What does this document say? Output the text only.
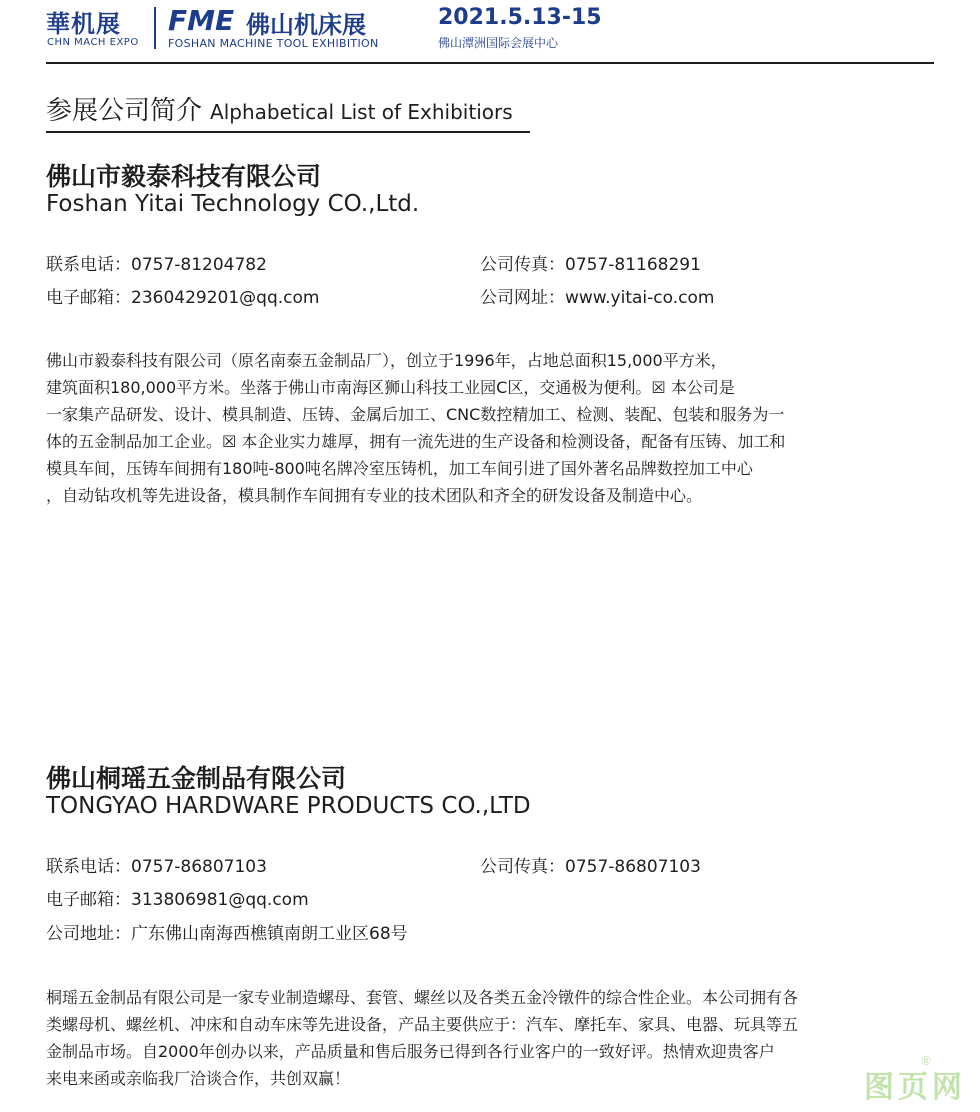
華机展
CHN MACH EXPO
FME 佛山机床展
FOSHAN MACHINE TOOL EXHIBITION
2021.5.13-15
佛山潭洲国际会展中心
参展公司简介 Alphabetical List of Exhibitiors
佛山市毅泰科技有限公司
Foshan Yitai Technology CO.,Ltd.
联系电话：0757-81204782	公司传真：0757-81168291
电子邮箱：2360429201@qq.com	公司网址：www.yitai-co.com
佛山市毅泰科技有限公司（原名南泰五金制品厂），创立于1996年，占地总面积15,000平方米，
建筑面积180,000平方米。坐落于佛山市南海区狮山科技工业园C区，交通极为便利。☒ 本公司是
一家集产品研发、设计、模具制造、压铸、金属后加工、CNC数控精加工、检测、装配、包装和服务为一
体的五金制品加工企业。☒ 本企业实力雄厚，拥有一流先进的生产设备和检测设备，配备有压铸、加工和
模具车间，压铸车间拥有180吨-800吨名牌冷室压铸机，加工车间引进了国外著名品牌数控加工中心
，自动钻攻机等先进设备，模具制作车间拥有专业的技术团队和齐全的研发设备及制造中心。
佛山桐瑶五金制品有限公司
TONGYAO HARDWARE PRODUCTS CO.,LTD
联系电话：0757-86807103	公司传真：0757-86807103
电子邮箱：313806981@qq.com
公司地址：广东佛山南海西樵镇南朗工业区68号
桐瑶五金制品有限公司是一家专业制造螺母、套管、螺丝以及各类五金冷镦件的综合性企业。本公司拥有各
类螺母机、螺丝机、冲床和自动车床等先进设备，产品主要供应于：汽车、摩托车、家具、电器、玩具等五
金制品市场。自2000年创办以来，产品质量和售后服务已得到各行业客户的一致好评。热情欢迎贵客户
来电来函或亲临我厂洽谈合作，共创双赢！
®
图页网
